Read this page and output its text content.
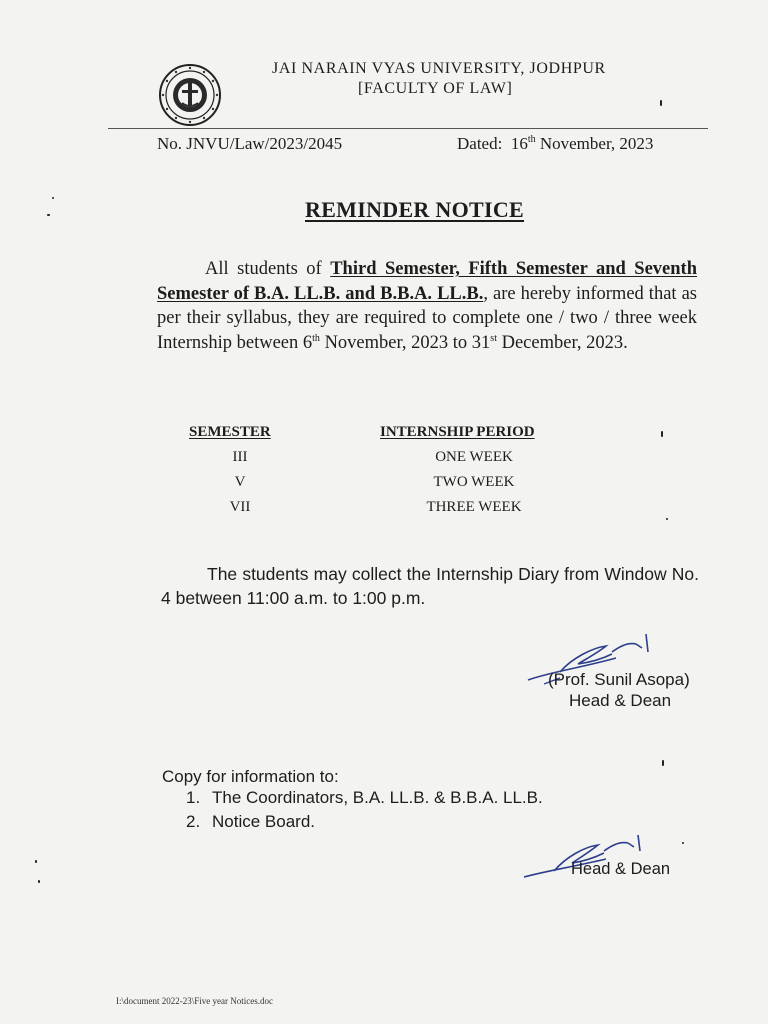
JAI NARAIN VYAS UNIVERSITY, JODHPUR
[FACULTY OF LAW]
No. JNVU/Law/2023/2045	Dated: 16th November, 2023
REMINDER NOTICE
All students of Third Semester, Fifth Semester and Seventh Semester of B.A. LL.B. and B.B.A. LL.B., are hereby informed that as per their syllabus, they are required to complete one / two / three week Internship between 6th November, 2023 to 31st December, 2023.
SEMESTER	INTERNSHIP PERIOD
III	ONE WEEK
V	TWO WEEK
VII	THREE WEEK
The students may collect the Internship Diary from Window No. 4 between 11:00 a.m. to 1:00 p.m.
(Prof. Sunil Asopa)
Head & Dean
Copy for information to:
1. The Coordinators, B.A. LL.B. & B.B.A. LL.B.
2. Notice Board.
Head & Dean
I:\document 2022-23\Five year Notices.doc
